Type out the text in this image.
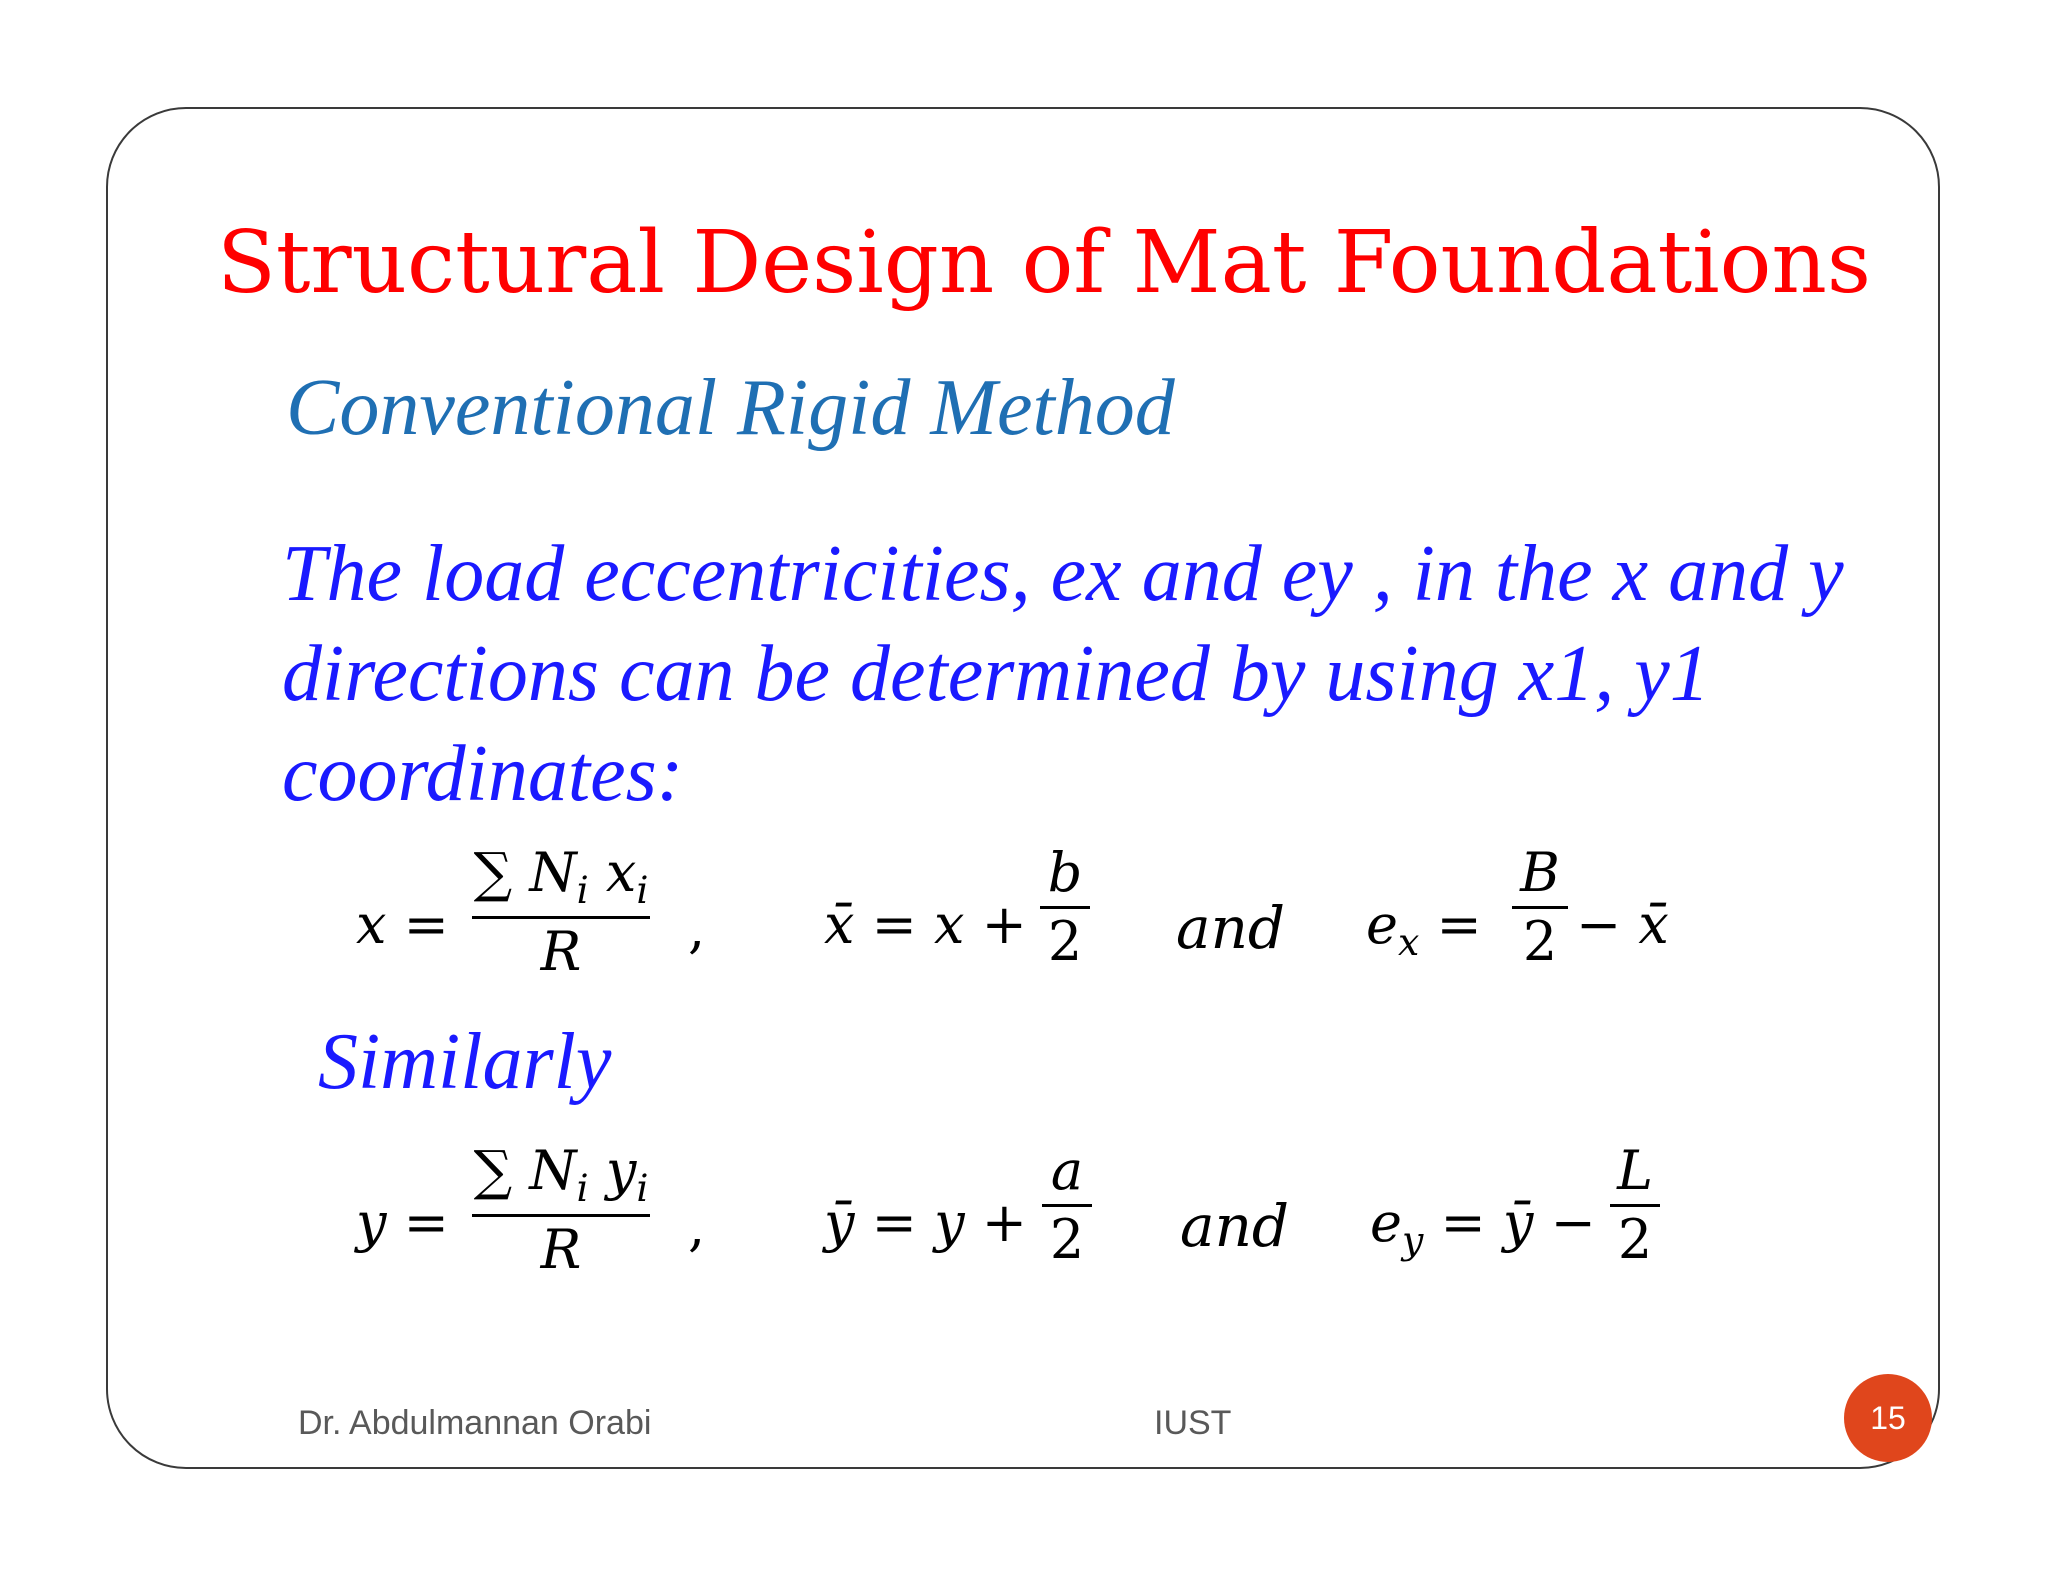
Structural Design of Mat Foundations
Conventional Rigid Method
The load eccentricities, ex and ey , in the x and y
directions can be determined by using x1, y1
coordinates:
x =
∑ $N_i$ $x_i$
R	, x̄ = x +
b
2 and $e_x$ =
B
2 − x̄
Similarly
y =
∑ $N_i$ $y_i$
R	, ȳ = y +
a
2 and $e_y$ = ȳ −
L
2
Dr. Abdulmannan Orabi	IUST	15
